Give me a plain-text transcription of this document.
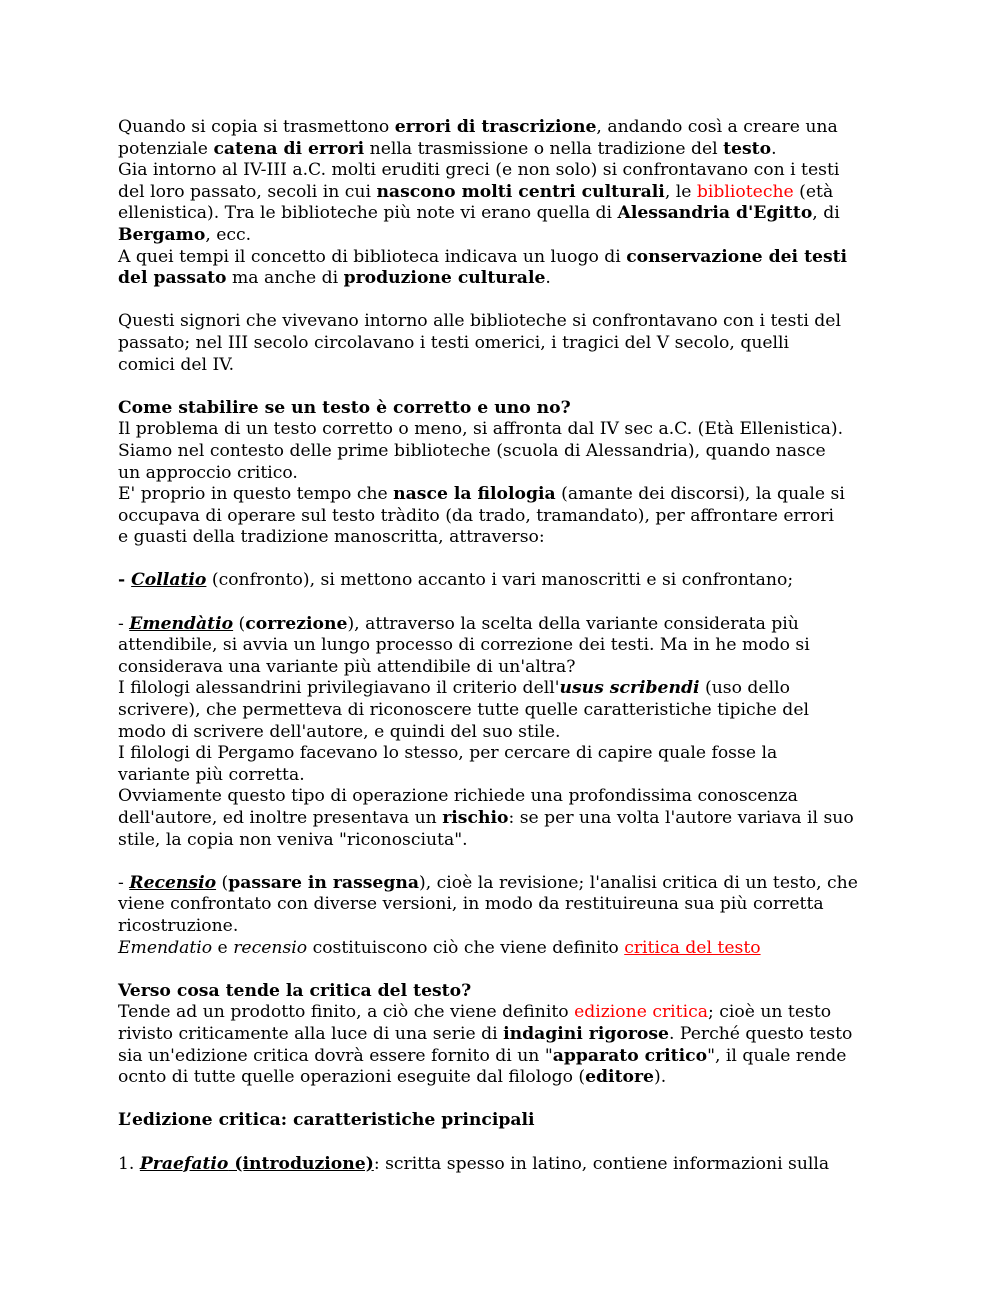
Quando si copia si trasmettono errori di trascrizione, andando così a creare una
potenziale catena di errori nella trasmissione o nella tradizione del testo.
Gia intorno al IV-III a.C. molti eruditi greci (e non solo) si confrontavano con i testi
del loro passato, secoli in cui nascono molti centri culturali, le biblioteche (età
ellenistica). Tra le biblioteche più note vi erano quella di Alessandria d'Egitto, di
Bergamo, ecc.
A quei tempi il concetto di biblioteca indicava un luogo di conservazione dei testi
del passato ma anche di produzione culturale.
Questi signori che vivevano intorno alle biblioteche si confrontavano con i testi del
passato; nel III secolo circolavano i testi omerici, i tragici del V secolo, quelli
comici del IV.
Come stabilire se un testo è corretto e uno no?
Il problema di un testo corretto o meno, si affronta dal IV sec a.C. (Età Ellenistica).
Siamo nel contesto delle prime biblioteche (scuola di Alessandria), quando nasce
un approccio critico.
E' proprio in questo tempo che nasce la filologia (amante dei discorsi), la quale si
occupava di operare sul testo tràdito (da trado, tramandato), per affrontare errori
e guasti della tradizione manoscritta, attraverso:
- Collatio (confronto), si mettono accanto i vari manoscritti e si confrontano;
- Emendàtio (correzione), attraverso la scelta della variante considerata più
attendibile, si avvia un lungo processo di correzione dei testi. Ma in he modo si
considerava una variante più attendibile di un'altra?
I filologi alessandrini privilegiavano il criterio dell'usus scribendi (uso dello
scrivere), che permetteva di riconoscere tutte quelle caratteristiche tipiche del
modo di scrivere dell'autore, e quindi del suo stile.
I filologi di Pergamo facevano lo stesso, per cercare di capire quale fosse la
variante più corretta.
Ovviamente questo tipo di operazione richiede una profondissima conoscenza
dell'autore, ed inoltre presentava un rischio: se per una volta l'autore variava il suo
stile, la copia non veniva "riconosciuta".
- Recensio (passare in rassegna), cioè la revisione; l'analisi critica di un testo, che
viene confrontato con diverse versioni, in modo da restituireuna sua più corretta
ricostruzione.
Emendatio e recensio costituiscono ciò che viene definito critica del testo
Verso cosa tende la critica del testo?
Tende ad un prodotto finito, a ciò che viene definito edizione critica; cioè un testo
rivisto criticamente alla luce di una serie di indagini rigorose. Perché questo testo
sia un'edizione critica dovrà essere fornito di un "apparato critico", il quale rende
ocnto di tutte quelle operazioni eseguite dal filologo (editore).
L’edizione critica: caratteristiche principali
1. Praefatio (introduzione): scritta spesso in latino, contiene informazioni sulla
